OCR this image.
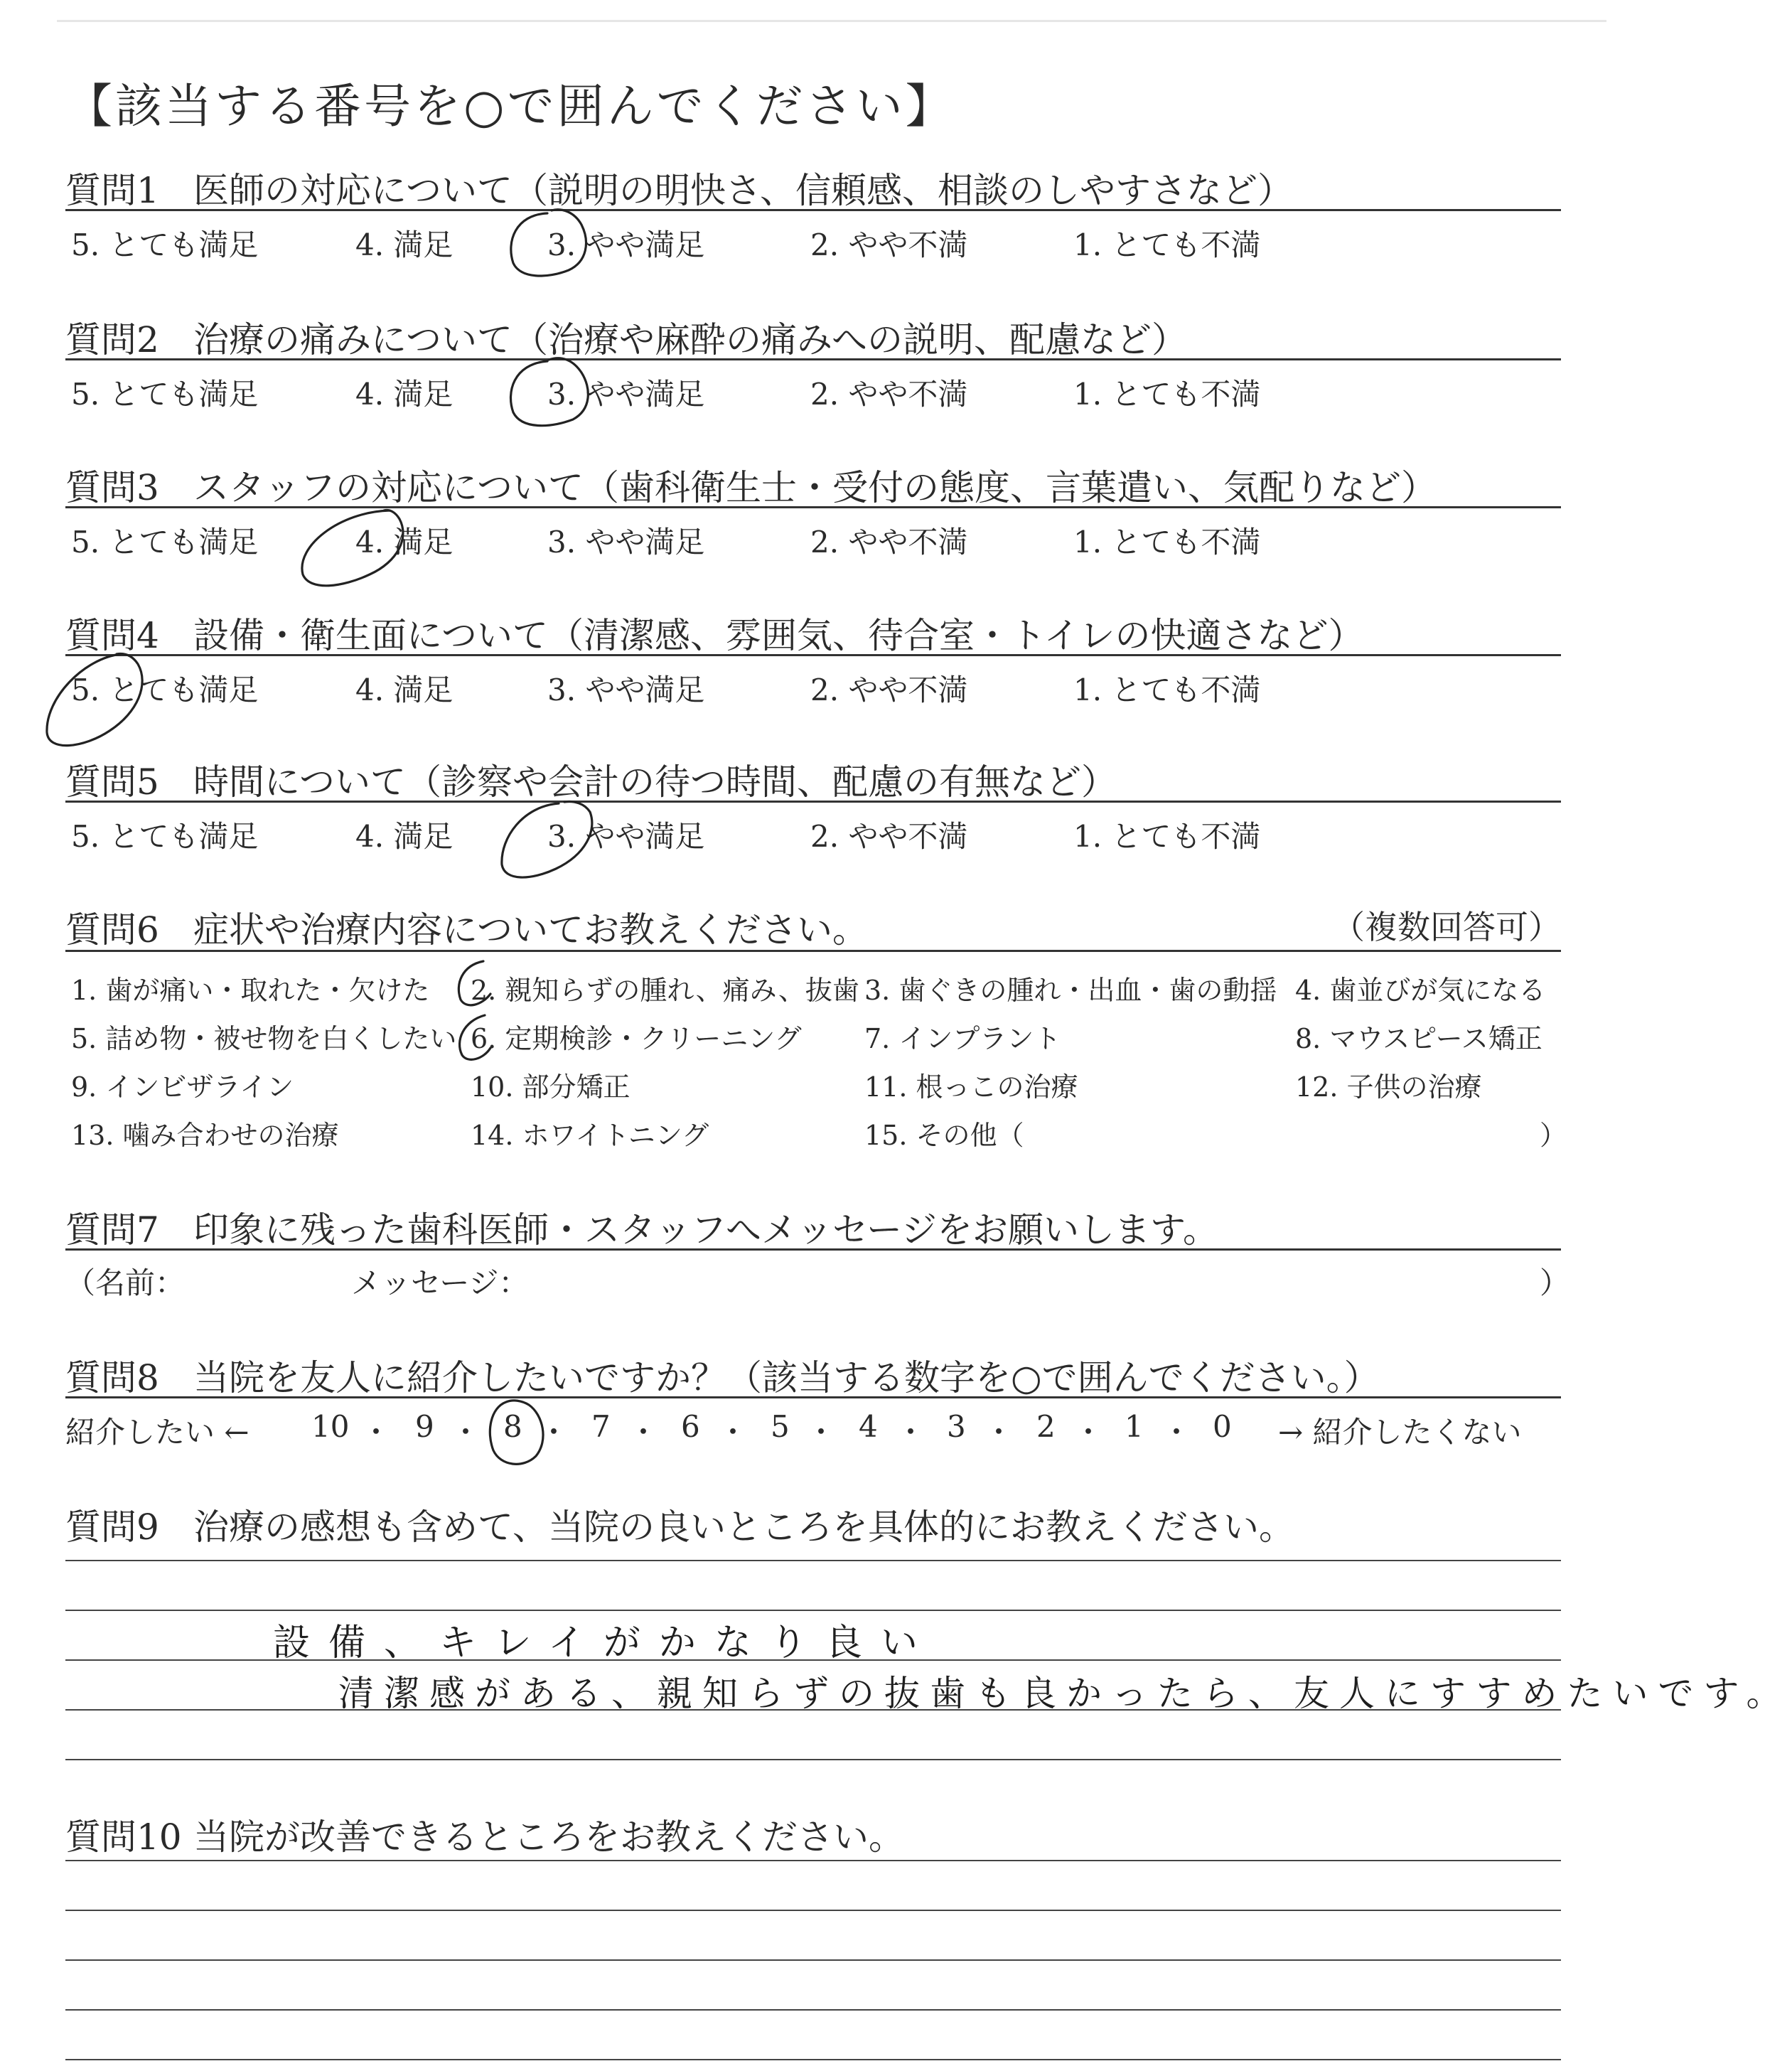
【該当する番号を○で囲んでください】
質問1 医師の対応について（説明の明快さ、信頼感、相談のしやすさなど）
5. とても満足	4. 満足	3. やや満足	2. やや不満	1. とても不満
質問2 治療の痛みについて（治療や麻酔の痛みへの説明、配慮など）
5. とても満足	4. 満足	3. やや満足	2. やや不満	1. とても不満
質問3 スタッフの対応について（歯科衛生士・受付の態度、言葉遣い、気配りなど）
5. とても満足	4. 満足	3. やや満足	2. やや不満	1. とても不満
質問4 設備・衛生面について（清潔感、雰囲気、待合室・トイレの快適さなど）
5. とても満足	4. 満足	3. やや満足	2. やや不満	1. とても不満
質問5 時間について（診察や会計の待つ時間、配慮の有無など）
5. とても満足	4. 満足	3. やや満足	2. やや不満	1. とても不満
質問6 症状や治療内容についてお教えください。	（複数回答可）
1. 歯が痛い・取れた・欠けた 2. 親知らずの腫れ、痛み、抜歯 3. 歯ぐきの腫れ・出血・歯の動揺 4. 歯並びが気になる
5. 詰め物・被せ物を白くしたい 6. 定期検診・クリーニング 7. インプラント	8. マウスピース矯正
9. インビザライン	10. 部分矯正	11. 根っこの治療	12. 子供の治療
13. 噛み合わせの治療	14. ホワイトニング	15. その他（	）
質問7 印象に残った歯科医師・スタッフへメッセージをお願いします。
（名前：	メッセージ：	）
質問8 当院を友人に紹介したいですか？（該当する数字を○で囲んでください。）
紹介したい ← 10 ・ 9 ・ 8 ・ 7 ・ 6 ・ 5 ・ 4 ・ 3 ・ 2 ・ 1 ・ 0 → 紹介したくない
質問9 治療の感想も含めて、当院の良いところを具体的にお教えください。
設備、キレイがかなり良い
清潔感がある、親知らずの抜歯も良かったら、友人にすすめたいです。
質問10 当院が改善できるところをお教えください。
